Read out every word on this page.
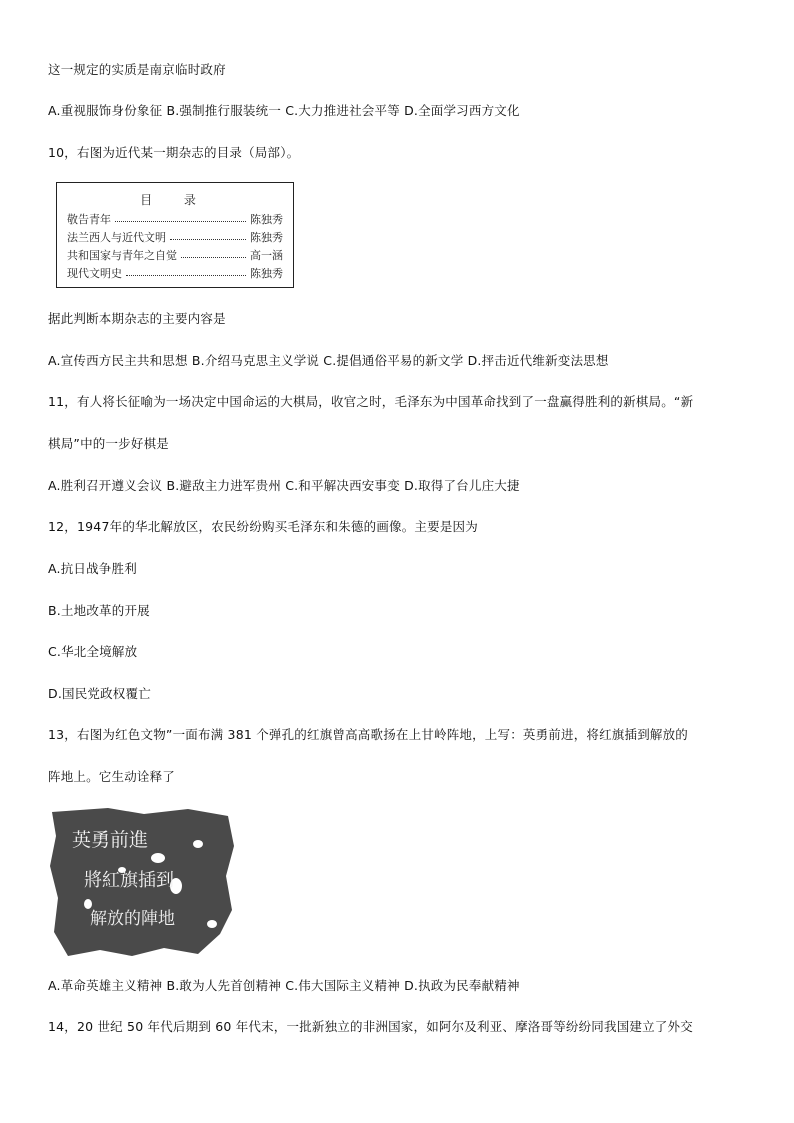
这一规定的实质是南京临时政府
A.重视服饰身份象征 B.强制推行服装统一 C.大力推进社会平等 D.全面学习西方文化
10，右图为近代某一期杂志的目录（局部）。
目 录
敬告青年	陈独秀
法兰西人与近代文明	陈独秀
共和国家与青年之自觉	高一涵
现代文明史	陈独秀
据此判断本期杂志的主要内容是
A.宣传西方民主共和思想 B.介绍马克思主义学说 C.提倡通俗平易的新文学 D.抨击近代维新变法思想
11，有人将长征喻为一场决定中国命运的大棋局，收官之时，毛泽东为中国革命找到了一盘赢得胜利的新棋局。“新
棋局”中的一步好棋是
A.胜利召开遵义会议 B.避敌主力进军贵州 C.和平解决西安事变 D.取得了台儿庄大捷
12，1947年的华北解放区，农民纷纷购买毛泽东和朱德的画像。主要是因为
A.抗日战争胜利
B.土地改革的开展
C.华北全境解放
D.国民党政权覆亡
13，右图为红色文物”一面布满 381 个弹孔的红旗曾高高歌扬在上甘岭阵地，上写：英勇前进，将红旗插到解放的
阵地上。它生动诠释了
英勇前進
將紅旗插到
解放的陣地
A.革命英雄主义精神 B.敢为人先首创精神 C.伟大国际主义精神 D.执政为民奉献精神
14，20 世纪 50 年代后期到 60 年代末，一批新独立的非洲国家，如阿尔及利亚、摩洛哥等纷纷同我国建立了外交
